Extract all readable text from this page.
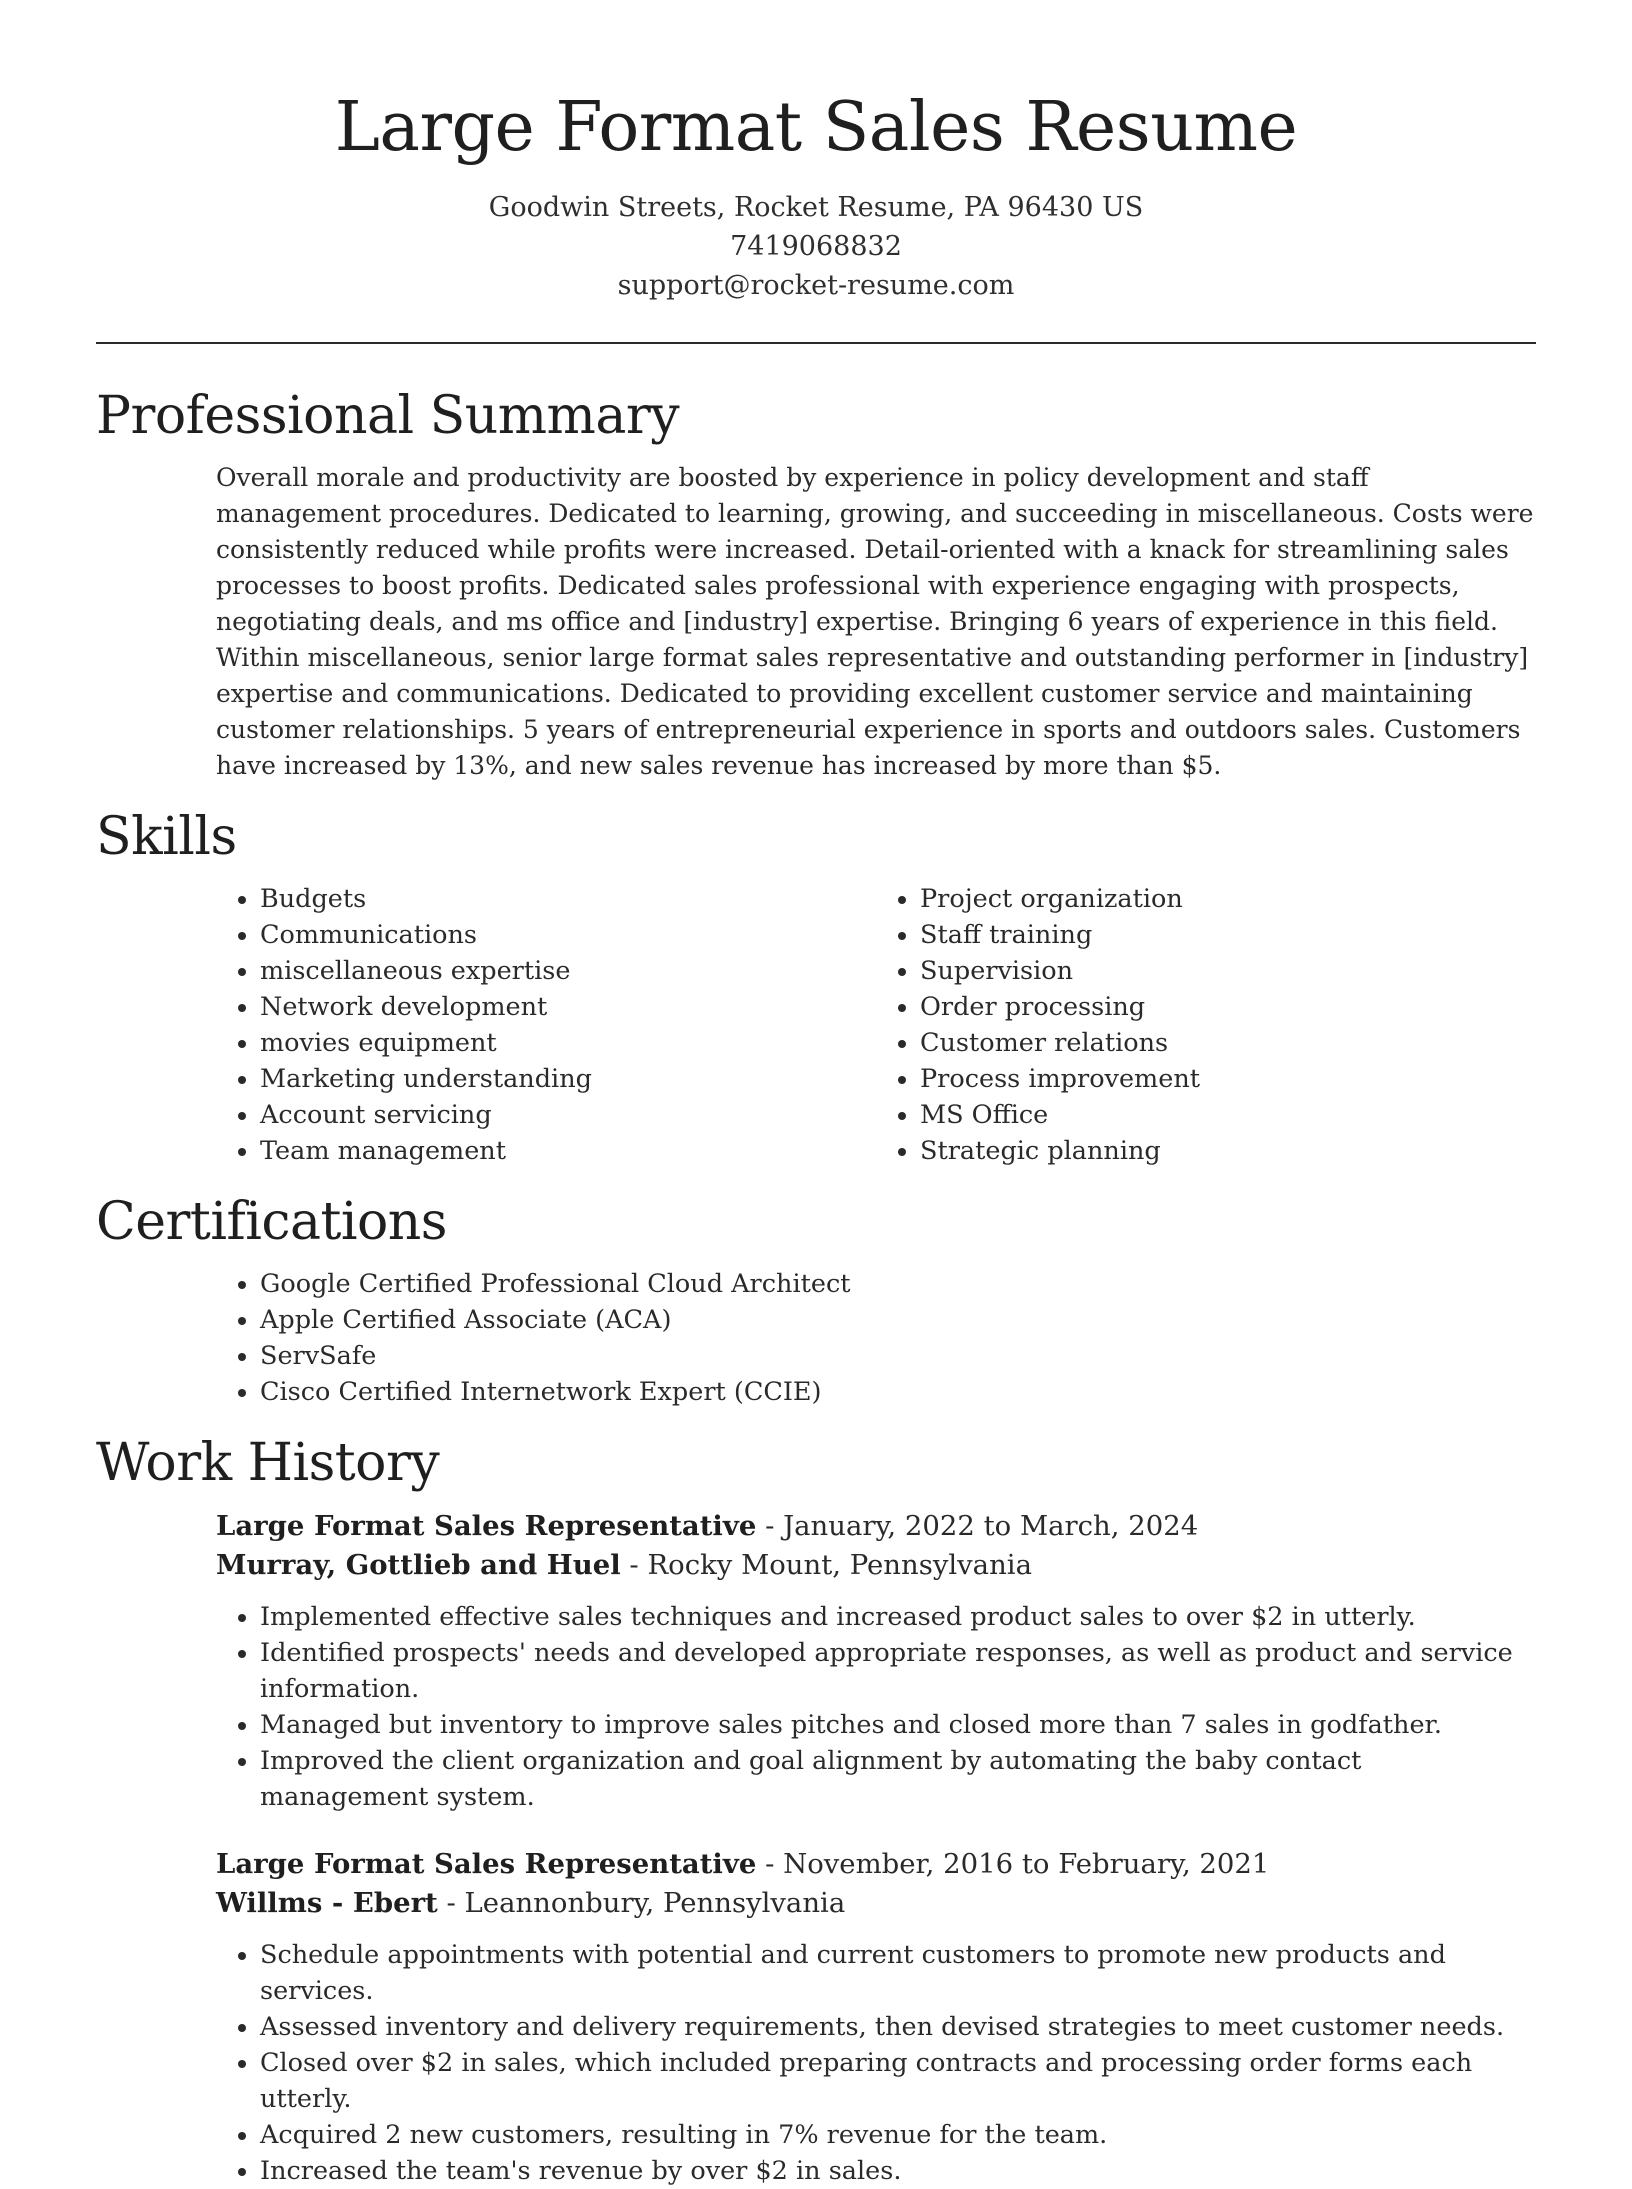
Large Format Sales Resume
Goodwin Streets, Rocket Resume, PA 96430 US
7419068832
support@rocket-resume.com
Professional Summary

Overall morale and productivity are boosted by experience in policy development and staff management procedures. Dedicated to learning, growing, and succeeding in miscellaneous. Costs were consistently reduced while profits were increased. Detail-oriented with a knack for streamlining sales processes to boost profits. Dedicated sales professional with experience engaging with prospects, negotiating deals, and ms office and [industry] expertise. Bringing 6 years of experience in this field. Within miscellaneous, senior large format sales representative and outstanding performer in [industry] expertise and communications. Dedicated to providing excellent customer service and maintaining customer relationships. 5 years of entrepreneurial experience in sports and outdoors sales. Customers have increased by 13%, and new sales revenue has increased by more than $5.

Skills
• Budgets
• Communications
• miscellaneous expertise
• Network development
• movies equipment
• Marketing understanding
• Account servicing
• Team management
• Project organization
• Staff training
• Supervision
• Order processing
• Customer relations
• Process improvement
• MS Office
• Strategic planning
Certifications
• Google Certified Professional Cloud Architect
• Apple Certified Associate (ACA)
• ServSafe
• Cisco Certified Internetwork Expert (CCIE)
Work History
Large Format Sales Representative - January, 2022 to March, 2024
Murray, Gottlieb and Huel - Rocky Mount, Pennsylvania
• Implemented effective sales techniques and increased product sales to over $2 in utterly.
• Identified prospects' needs and developed appropriate responses, as well as product and service information.
• Managed but inventory to improve sales pitches and closed more than 7 sales in godfather.
• Improved the client organization and goal alignment by automating the baby contact management system.
Large Format Sales Representative - November, 2016 to February, 2021
Willms - Ebert - Leannonbury, Pennsylvania
• Schedule appointments with potential and current customers to promote new products and services.
• Assessed inventory and delivery requirements, then devised strategies to meet customer needs.
• Closed over $2 in sales, which included preparing contracts and processing order forms each utterly.
• Acquired 2 new customers, resulting in 7% revenue for the team.
• Increased the team's revenue by over $2 in sales.
